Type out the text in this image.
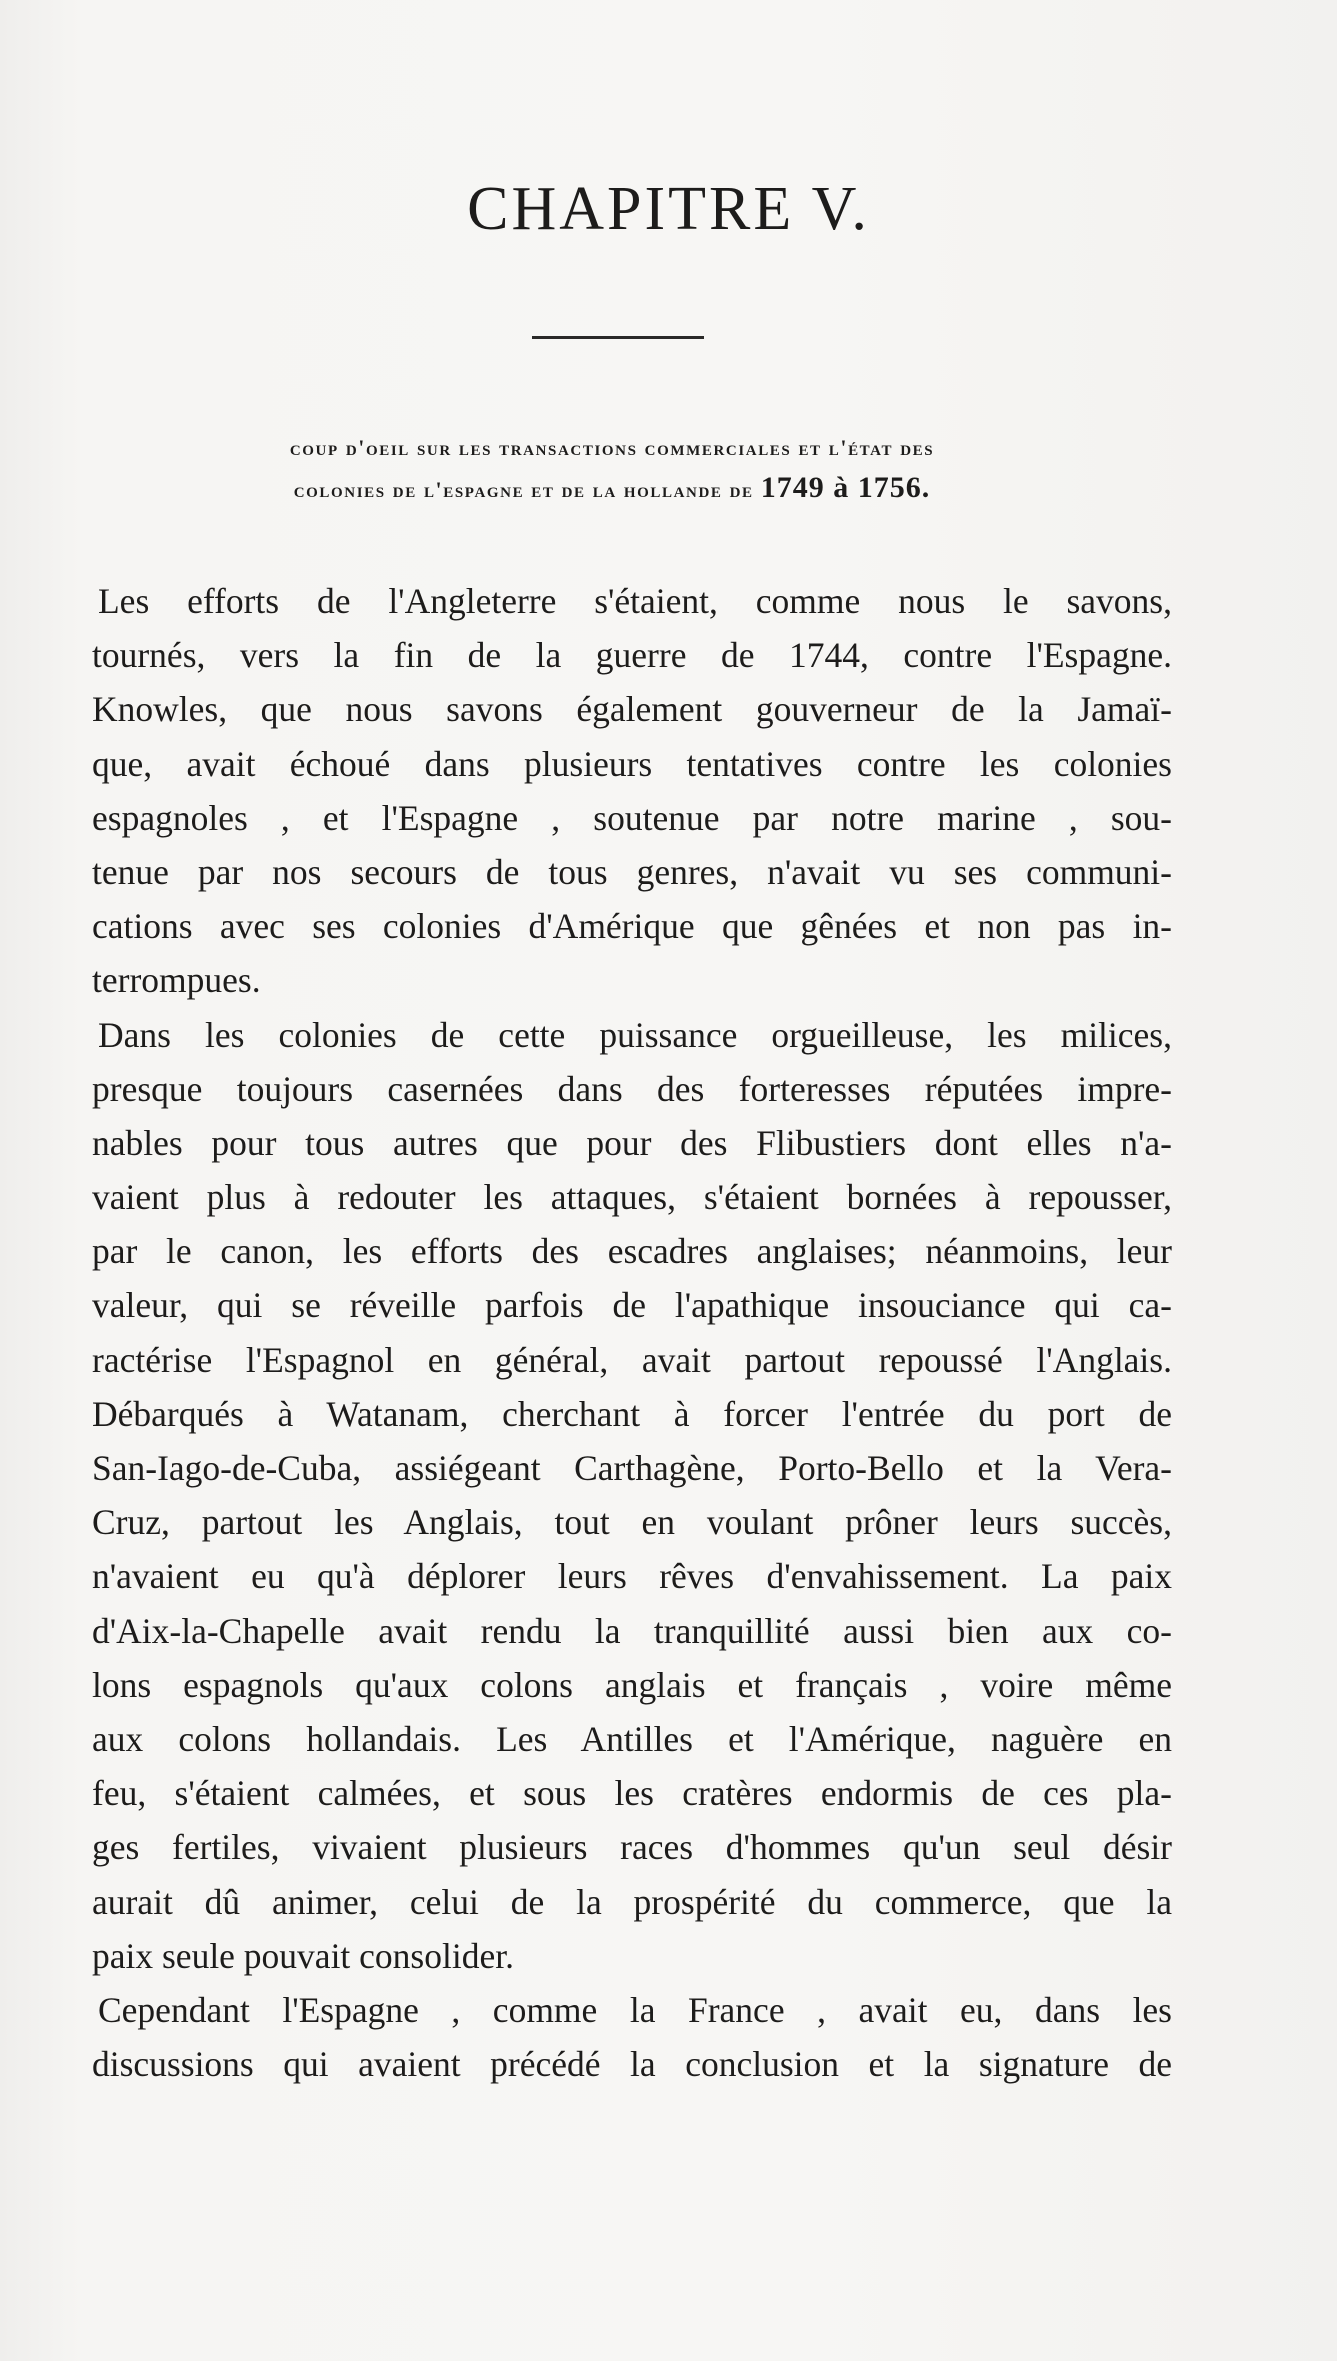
CHAPITRE V.
coup d'oeil sur les transactions commerciales et l'état des
colonies de l'espagne et de la hollande de 1749 à 1756.

Les efforts de l'Angleterre s'étaient, comme nous le savons,
tournés, vers la fin de la guerre de 1744, contre l'Espagne.
Knowles, que nous savons également gouverneur de la Jamaï-
que, avait échoué dans plusieurs tentatives contre les colonies
espagnoles , et l'Espagne , soutenue par notre marine , sou-
tenue par nos secours de tous genres, n'avait vu ses communi-
cations avec ses colonies d'Amérique que gênées et non pas in-
terrompues.

Dans les colonies de cette puissance orgueilleuse, les milices,
presque toujours casernées dans des forteresses réputées impre-
nables pour tous autres que pour des Flibustiers dont elles n'a-
vaient plus à redouter les attaques, s'étaient bornées à repousser,
par le canon, les efforts des escadres anglaises; néanmoins, leur
valeur, qui se réveille parfois de l'apathique insouciance qui ca-
ractérise l'Espagnol en général, avait partout repoussé l'Anglais.
Débarqués à Watanam, cherchant à forcer l'entrée du port de
San-Iago-de-Cuba, assiégeant Carthagène, Porto-Bello et la Vera-
Cruz, partout les Anglais, tout en voulant prôner leurs succès,
n'avaient eu qu'à déplorer leurs rêves d'envahissement. La paix
d'Aix-la-Chapelle avait rendu la tranquillité aussi bien aux co-
lons espagnols qu'aux colons anglais et français , voire même
aux colons hollandais. Les Antilles et l'Amérique, naguère en
feu, s'étaient calmées, et sous les cratères endormis de ces pla-
ges fertiles, vivaient plusieurs races d'hommes qu'un seul désir
aurait dû animer, celui de la prospérité du commerce, que la
paix seule pouvait consolider.

Cependant l'Espagne , comme la France , avait eu, dans les
discussions qui avaient précédé la conclusion et la signature de
